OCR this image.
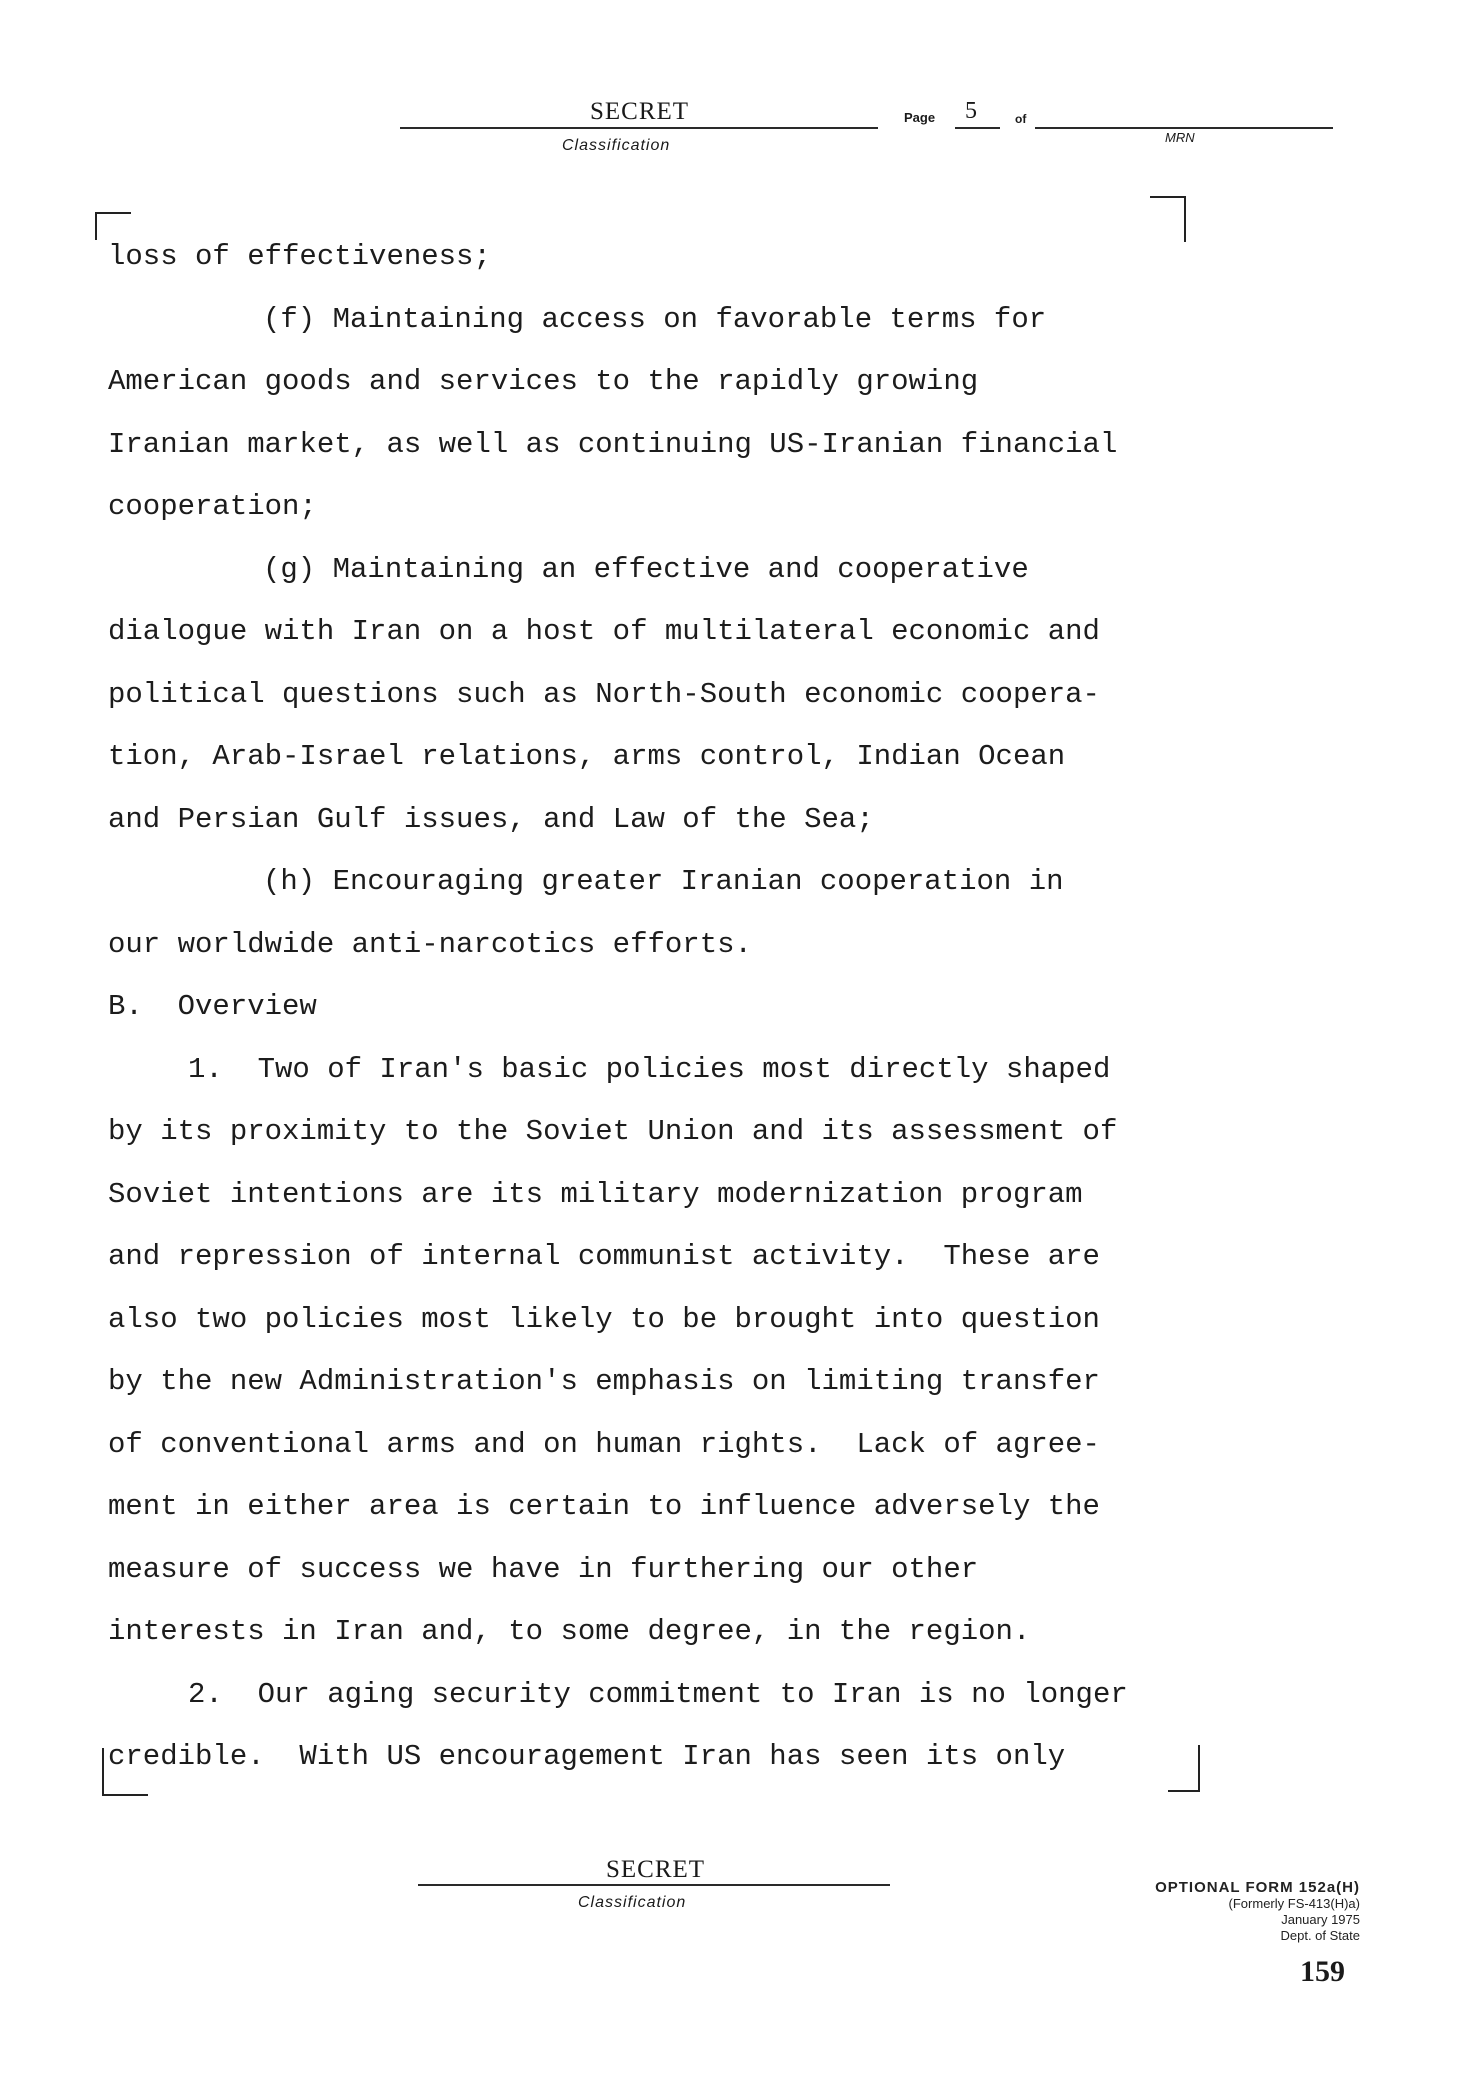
SECRET
Classification
Page 5	of
MRN
loss of effectiveness;
(f) Maintaining access on favorable terms for
American goods and services to the rapidly growing
Iranian market, as well as continuing US-Iranian financial
cooperation;
(g) Maintaining an effective and cooperative
dialogue with Iran on a host of multilateral economic and
political questions such as North-South economic coopera-
tion, Arab-Israel relations, arms control, Indian Ocean
and Persian Gulf issues, and Law of the Sea;
(h) Encouraging greater Iranian cooperation in
our worldwide anti-narcotics efforts.
B.  Overview
1.  Two of Iran's basic policies most directly shaped
by its proximity to the Soviet Union and its assessment of
Soviet intentions are its military modernization program
and repression of internal communist activity.  These are
also two policies most likely to be brought into question
by the new Administration's emphasis on limiting transfer
of conventional arms and on human rights.  Lack of agree-
ment in either area is certain to influence adversely the
measure of success we have in furthering our other
interests in Iran and, to some degree, in the region.
2.  Our aging security commitment to Iran is no longer
credible.  With US encouragement Iran has seen its only
SECRET
Classification
OPTIONAL FORM 152a(H)
(Formerly FS-413(H)a)
January 1975
Dept. of State
159
